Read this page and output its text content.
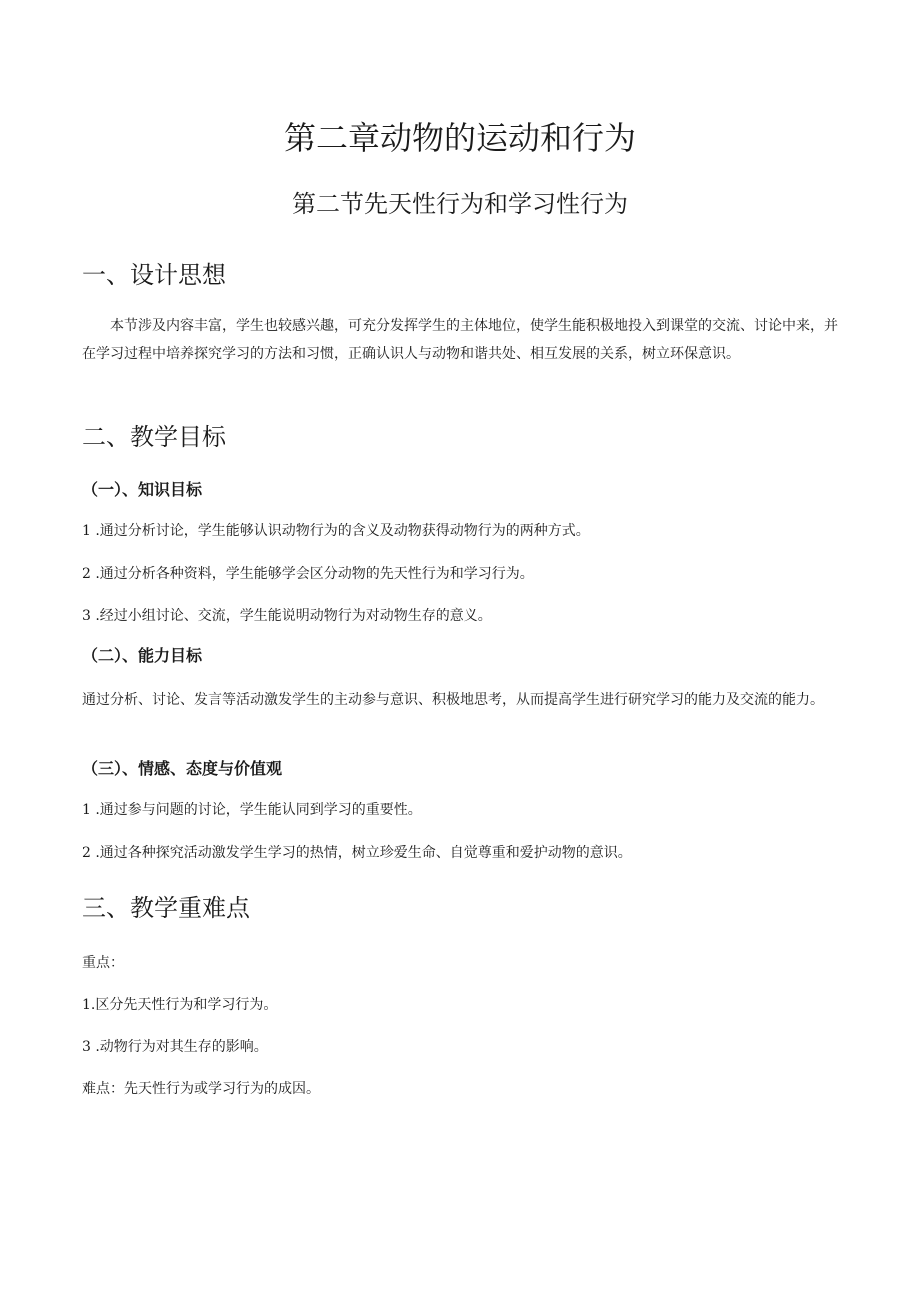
第二章动物的运动和行为
第二节先天性行为和学习性行为
一、设计思想
本节涉及内容丰富，学生也较感兴趣，可充分发挥学生的主体地位，使学生能积极地投入到课堂的交流、讨论中来，并在学习过程中培养探究学习的方法和习惯，正确认识人与动物和谐共处、相互发展的关系，树立环保意识。
二、教学目标
（一）、知识目标
1 .通过分析讨论，学生能够认识动物行为的含义及动物获得动物行为的两种方式。
2 .通过分析各种资料，学生能够学会区分动物的先天性行为和学习行为。
3 .经过小组讨论、交流，学生能说明动物行为对动物生存的意义。
（二）、能力目标
通过分析、讨论、发言等活动激发学生的主动参与意识、积极地思考，从而提高学生进行研究学习的能力及交流的能力。
（三）、情感、态度与价值观
1 .通过参与问题的讨论，学生能认同到学习的重要性。
2 .通过各种探究活动激发学生学习的热情，树立珍爱生命、自觉尊重和爱护动物的意识。
三、教学重难点
重点：
1.区分先天性行为和学习行为。
3 .动物行为对其生存的影响。
难点：先天性行为或学习行为的成因。
